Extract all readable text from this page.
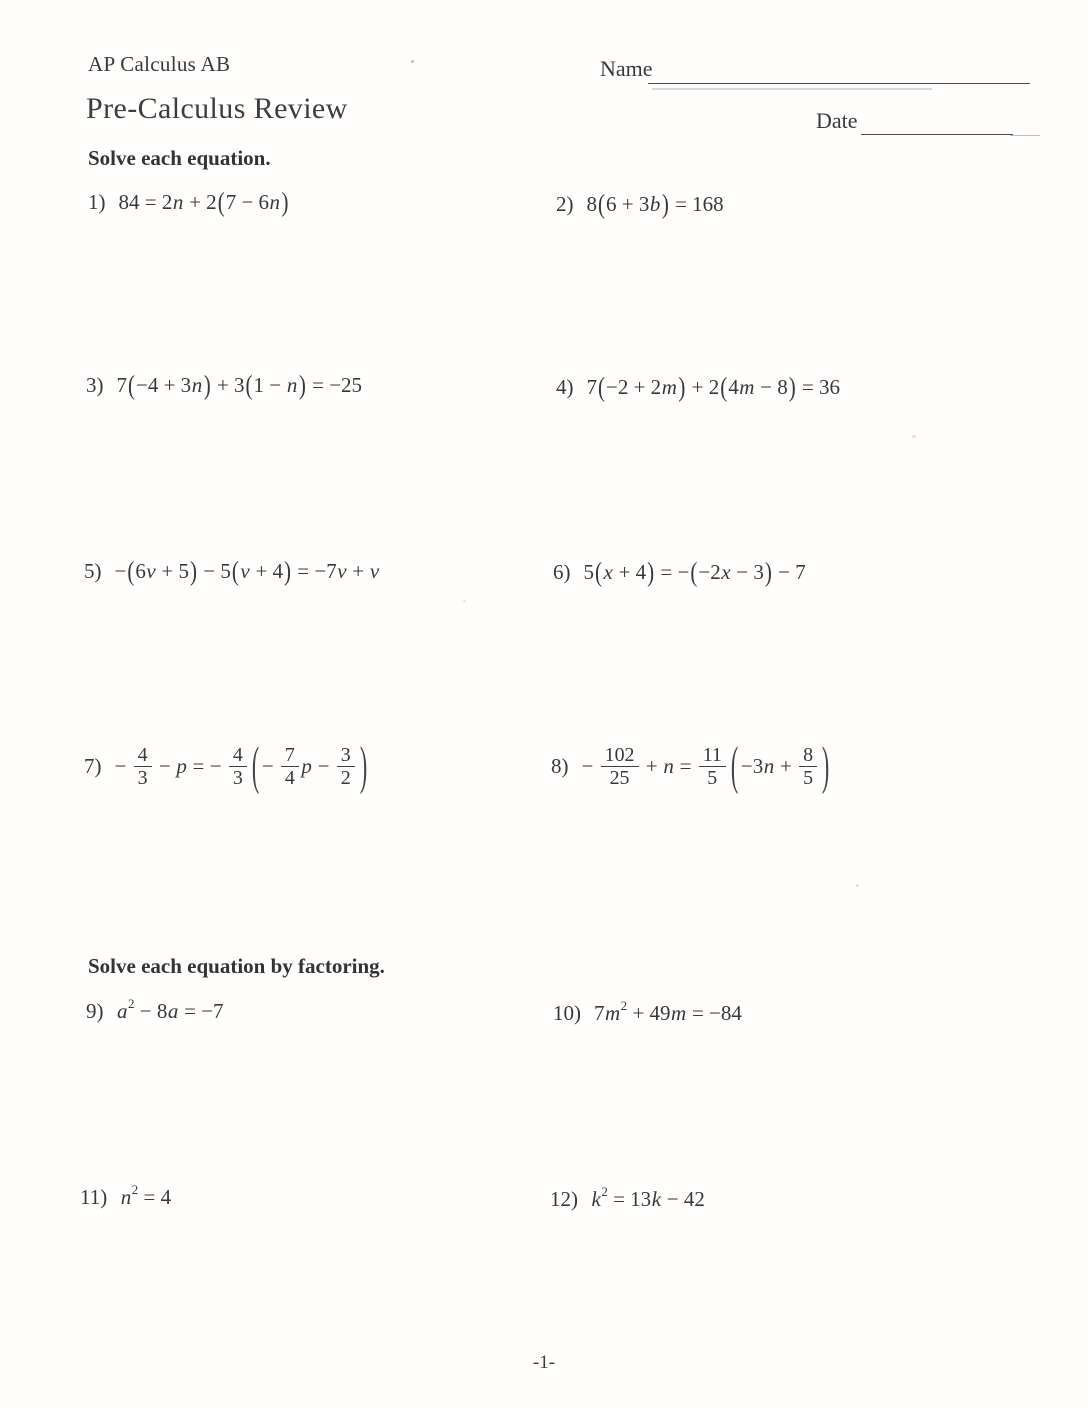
AP Calculus AB	Name
Pre-Calculus Review	Date
Solve each equation.
1) 84 = 2 n + 2 ( 7 − 6 n )	2) 8 ( 6 + 3 b ) = 168
3) 7 ( −4 + 3 n ) + 3 ( 1 − n ) = −25	4) 7 ( −2 + 2 m ) + 2 ( 4 m − 8 ) = 36
5) − ( 6 v + 5 ) − 5 ( v + 4 ) = −7 v + v	6) 5 ( x + 4 ) = − ( −2 x − 3 ) − 7
$7) - \frac{4}{3} - p$ = − $\frac{4}{3}$ ( − $\frac{7}{4}$ $p - \frac{3}{2}$ )	$8) - \frac{102}{25} + n = \frac{11}{5}$ ( −3 $n + \frac{8}{5}$ )
Solve each equation by factoring.
9) a 2 − 8 a = −7	10) 7 m 2 + 49 m = −84
11) n 2 = 4	12) k 2 = 13 k − 42
-1-
